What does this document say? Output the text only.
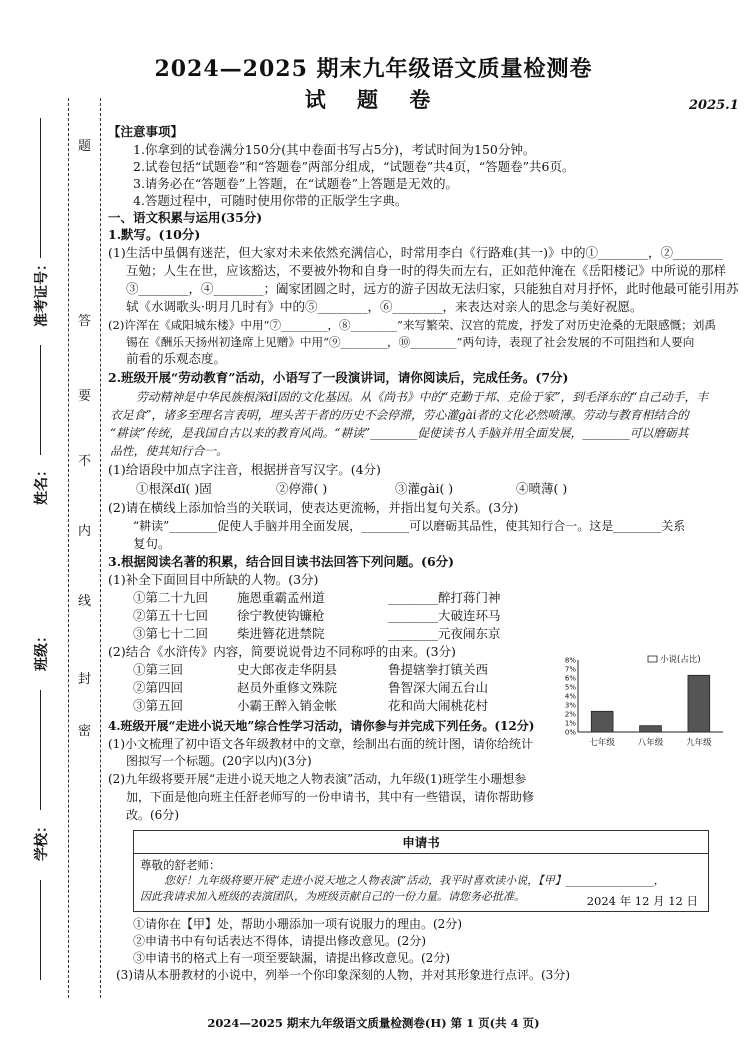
2024—2025 期末九年级语文质量检测卷
试 题 卷	2025.1
准考证号：
姓名：
班级：
学校：
题
答
要
不
内
线
封
密
【注意事项】
1.你拿到的试卷满分150分(其中卷面书写占5分)，考试时间为150分钟。
2.试卷包括“试题卷”和“答题卷”两部分组成，“试题卷”共4页，“答题卷”共6页。
3.请务必在“答题卷”上答题，在“试题卷”上答题是无效的。
4.答题过程中，可随时使用你带的正版学生字典。
一、语文积累与运用(35分)
1.默写。(10分)
(1)生活中虽偶有迷茫，但大家对未来依然充满信心，时常用李白《行路难(其一)》中的①________，②________
互勉；人生在世，应该豁达，不要被外物和自身一时的得失而左右，正如范仲淹在《岳阳楼记》中所说的那样
③________，④________；阖家团圆之时，远方的游子因故无法归家，只能独自对月抒怀，此时他最可能引用苏
轼《水调歌头·明月几时有》中的⑤________，⑥________，来表达对亲人的思念与美好祝愿。
(2)许浑在《咸阳城东楼》中用“⑦________，⑧________”来写繁荣、汉宫的荒废，抒发了对历史沧桑的无限感慨；刘禹
锡在《酬乐天扬州初逢席上见赠》中用“⑨________，⑩________”两句诗，表现了社会发展的不可阻挡和人要向
前看的乐观态度。
2.班级开展“劳动教育”活动，小语写了一段演讲词，请你阅读后，完成任务。(7分)
劳动精神是中华民族根深dǐ固的文化基因。从《尚书》中的“克勤于邦、克俭于家”，到毛泽东的“自己动手，丰
衣足食”，诸多至理名言表明，埋头苦干者的历史不会停滞，劳心灌gài者的文化必然喷薄。劳动与教育相结合的
“耕读”传统，是我国自古以来的教育风尚。“耕读”________促使读书人手脑并用全面发展，________可以磨砺其
品性，使其知行合一。
(1)给语段中加点字注音，根据拼音写汉字。(4分)
①根深dǐ( )固	②停滞( )	③灌gài( )	④喷薄( )
(2)请在横线上添加恰当的关联词，使表达更流畅，并指出复句关系。(3分)
“耕读”________促使人手脑并用全面发展，________可以磨砺其品性，使其知行合一。这是________关系
复句。
3.根据阅读名著的积累，结合回目读书法回答下列问题。(6分)
(1)补全下面回目中所缺的人物。(3分)
①第二十九回 施恩重霸孟州道	________醉打蒋门神
②第五十七回 徐宁教使钩镰枪	________大破连环马
③第七十二回 柴进簪花进禁院	________元夜闹东京
(2)结合《水浒传》内容，简要说说骨边不同称呼的由来。(3分)
①第三回	史大郎夜走华阴县	鲁提辖拳打镇关西
②第四回	赵员外重修文殊院	鲁智深大闹五台山
③第五回	小霸王醉入销金帐	花和尚大闹桃花村
4.班级开展“走进小说天地”综合性学习活动，请你参与并完成下列任务。(12分)
(1)小文梳理了初中语文各年级教材中的文章，绘制出右面的统计图，请你给统计
图拟写一个标题。(20字以内)(3分)
(2)九年级将要开展“走进小说天地之人物表演”活动，九年级(1)班学生小珊想参
加，下面是他向班主任舒老师写的一份申请书，其中有一些错误，请你帮助修
改。(6分)
0%
1%
2%
3%
4%
5%
6%
7%
8%
七年级	八年级	九年级
小说(占比)
申请书
尊敬的舒老师：
您好！九年级将要开展“走进小说天地之人物表演”活动，我平时喜欢读小说，【甲】________________，
因此我请求加入班级的表演团队，为班级贡献自己的一份力量。请您务必批准。	2024 年 12 月 12 日
①请你在【甲】处，帮助小珊添加一项有说服力的理由。(2分)
②申请书中有句话表达不得体，请提出修改意见。(2分)
③申请书的格式上有一项至要缺漏，请提出修改意见。(2分)
(3)请从本册教材的小说中，列举一个你印象深刻的人物，并对其形象进行点评。(3分)
2024—2025 期末九年级语文质量检测卷(H) 第 1 页(共 4 页)
